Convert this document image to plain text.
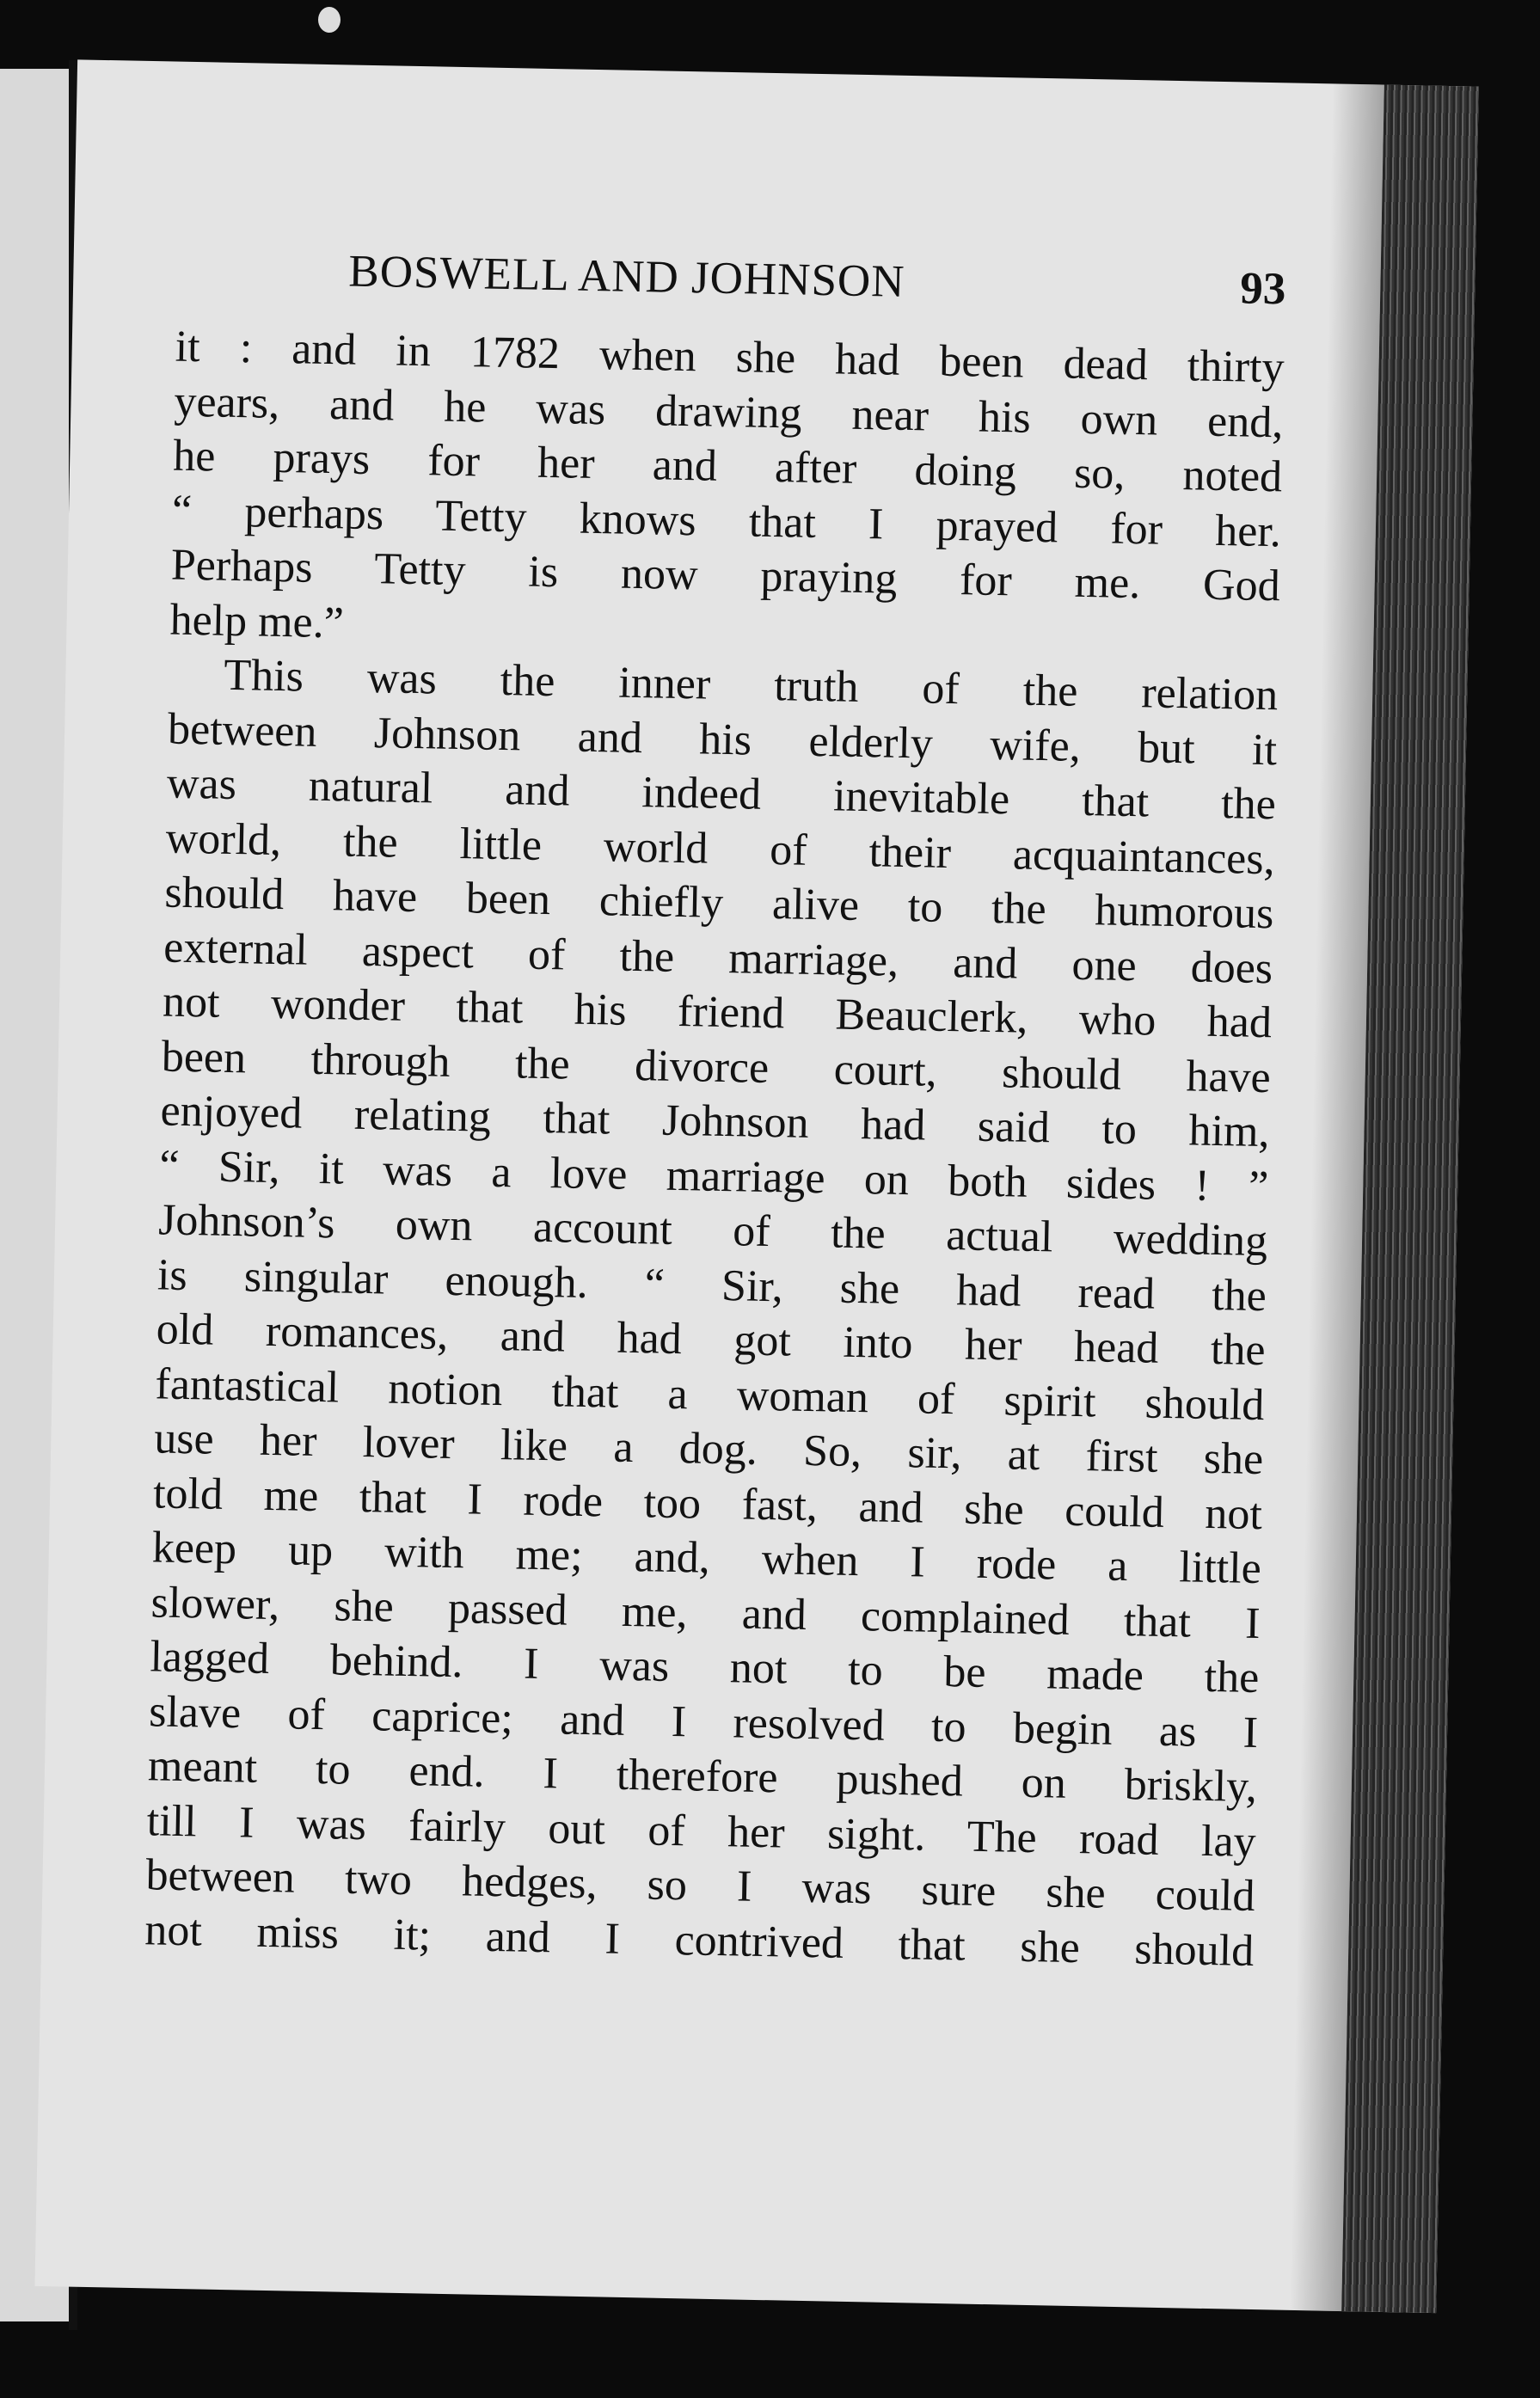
BOSWELL AND JOHNSON	93
it : and in 1782 when she had been dead thirty
years, and he was drawing near his own end,
he prays for her and after doing so, noted
“ perhaps Tetty knows that I prayed for her.
Perhaps Tetty is now praying for me. God
help me.”
This was the inner truth of the relation
between Johnson and his elderly wife, but it
was natural and indeed inevitable that the
world, the little world of their acquaintances,
should have been chiefly alive to the humorous
external aspect of the marriage, and one does
not wonder that his friend Beauclerk, who had
been through the divorce court, should have
enjoyed relating that Johnson had said to him,
“ Sir, it was a love marriage on both sides ! ”
Johnson’s own account of the actual wedding
is singular enough. “ Sir, she had read the
old romances, and had got into her head the
fantastical notion that a woman of spirit should
use her lover like a dog. So, sir, at first she
told me that I rode too fast, and she could not
keep up with me; and, when I rode a little
slower, she passed me, and complained that I
lagged behind. I was not to be made the
slave of caprice; and I resolved to begin as I
meant to end. I therefore pushed on briskly,
till I was fairly out of her sight. The road lay
between two hedges, so I was sure she could
not miss it; and I contrived that she should
